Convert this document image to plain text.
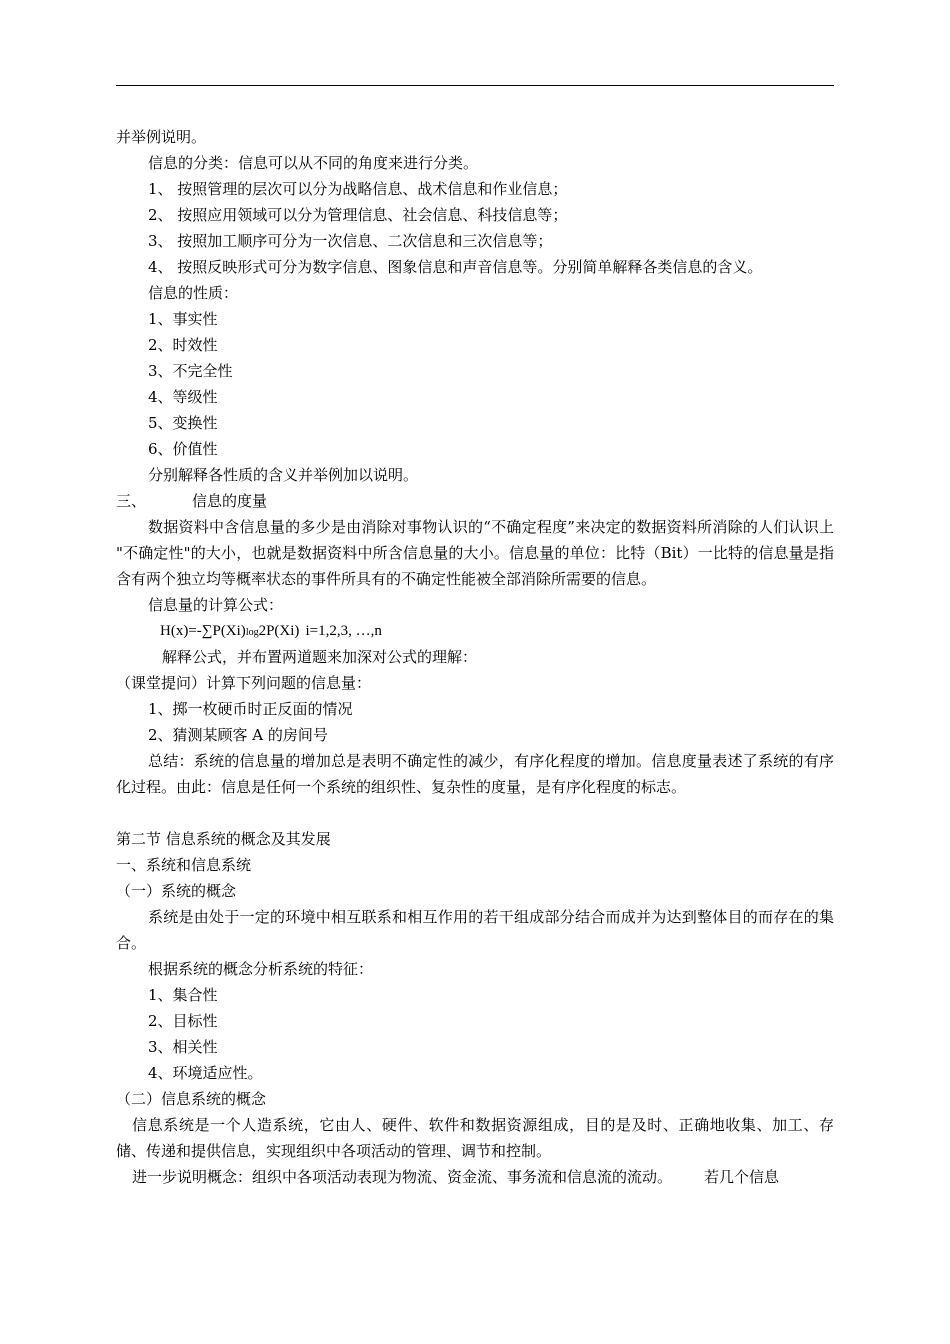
并举例说明。
信息的分类：信息可以从不同的角度来进行分类。
1、 按照管理的层次可以分为战略信息、战术信息和作业信息；
2、 按照应用领域可以分为管理信息、社会信息、科技信息等；
3、 按照加工顺序可分为一次信息、二次信息和三次信息等；
4、 按照反映形式可分为数字信息、图象信息和声音信息等。分别简单解释各类信息的含义。
信息的性质：
1、事实性
2、时效性
3、不完全性
4、等级性
5、变换性
6、价值性
分别解释各性质的含义并举例加以说明。
三、	信息的度量
数据资料中含信息量的多少是由消除对事物认识的“不确定程度”来决定的数据资料所消除的人们认识上 "不确定性"的大小，也就是数据资料中所含信息量的大小。信息量的单位：比特（Bit）一比特的信息量是指含有两个独立均等概率状态的事件所具有的不确定性能被全部消除所需要的信息。
信息量的计算公式：
H(x)=-∑P(Xi)log2P(Xi) i=1,2,3, …,n
解释公式，并布置两道题来加深对公式的理解：
（课堂提问）计算下列问题的信息量：
1、掷一枚硬币时正反面的情况
2、猜测某顾客 A 的房间号
总结：系统的信息量的增加总是表明不确定性的减少，有序化程度的增加。信息度量表述了系统的有序化过程。由此：信息是任何一个系统的组织性、复杂性的度量，是有序化程度的标志。
第二节 信息系统的概念及其发展
一、系统和信息系统
（一）系统的概念
系统是由处于一定的环境中相互联系和相互作用的若干组成部分结合而成并为达到整体目的而存在的集合。
根据系统的概念分析系统的特征：
1、集合性
2、目标性
3、相关性
4、环境适应性。
（二）信息系统的概念
信息系统是一个人造系统，它由人、硬件、软件和数据资源组成，目的是及时、正确地收集、加工、存储、传递和提供信息，实现组织中各项活动的管理、调节和控制。
进一步说明概念：组织中各项活动表现为物流、资金流、事务流和信息流的流动。 若几个信息
